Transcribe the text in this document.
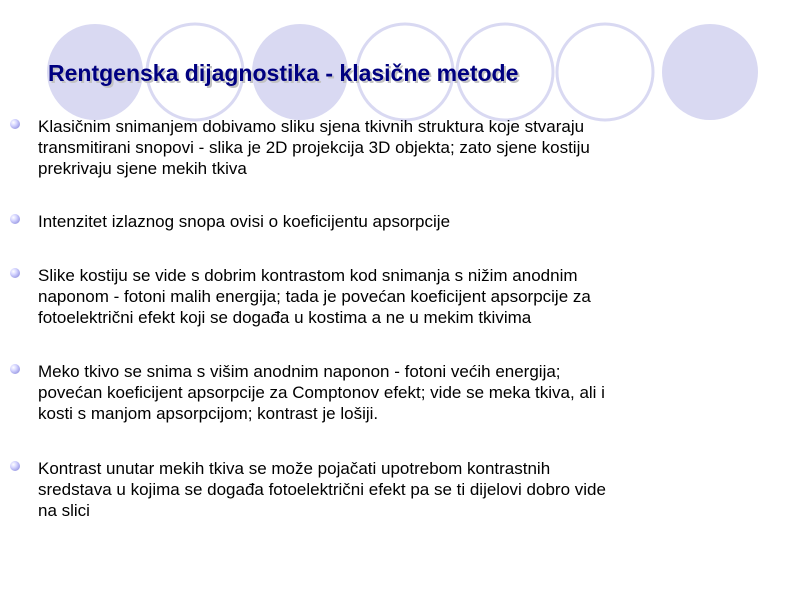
Rentgenska dijagnostika - klasične metode
Klasičnim snimanjem dobivamo sliku sjena tkivnih struktura koje stvaraju
transmitirani snopovi - slika je 2D projekcija 3D objekta; zato sjene kostiju
prekrivaju sjene mekih tkiva
Intenzitet izlaznog snopa ovisi o koeficijentu apsorpcije
Slike kostiju se vide s dobrim kontrastom kod snimanja s nižim anodnim
naponom - fotoni malih energija; tada je povećan koeficijent apsorpcije za
fotoelektrični efekt koji se događa u kostima a ne u mekim tkivima
Meko tkivo se snima s višim anodnim naponon - fotoni većih energija;
povećan koeficijent apsorpcije za Comptonov efekt; vide se meka tkiva, ali i
kosti s manjom apsorpcijom; kontrast je lošiji.
Kontrast unutar mekih tkiva se može pojačati upotrebom kontrastnih
sredstava u kojima se događa fotoelektrični efekt pa se ti dijelovi dobro vide
na slici
